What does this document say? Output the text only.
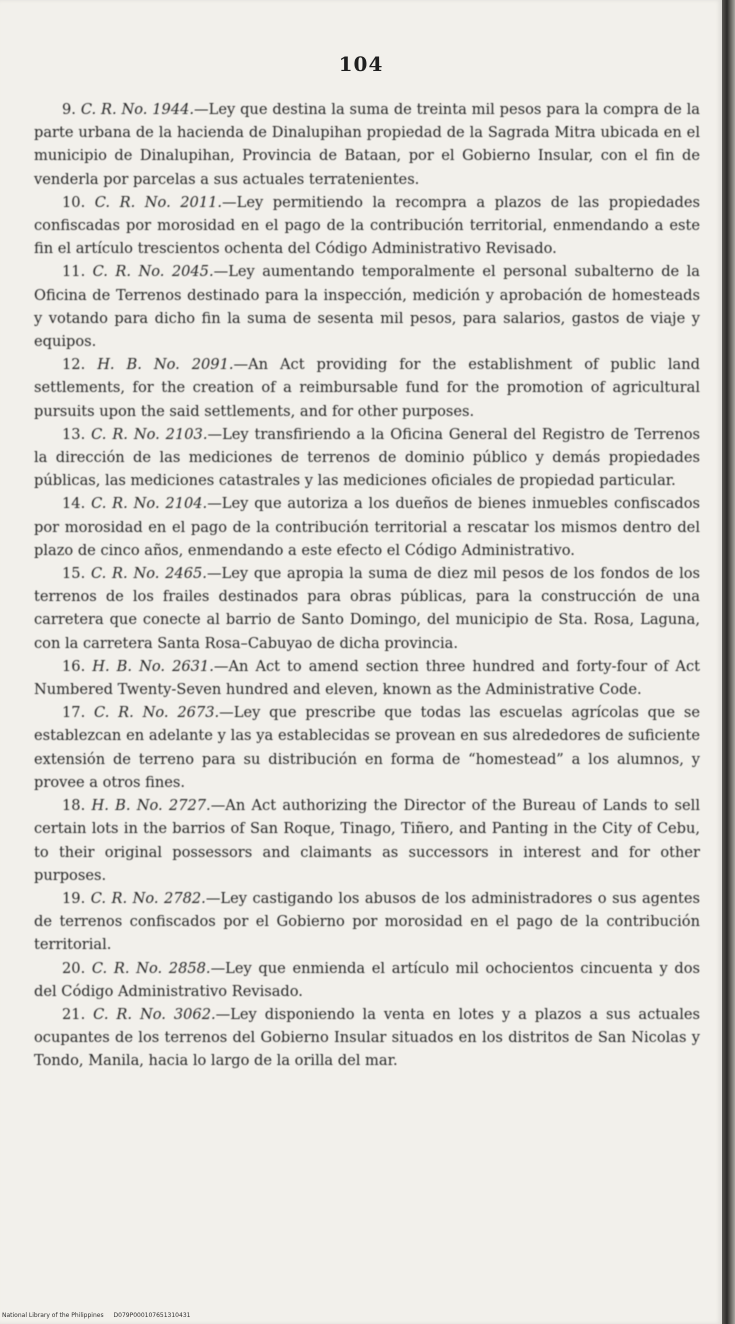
104

9. C. R. No. 1944.—Ley que destina la suma de treinta mil pesos para la compra de la parte urbana de la hacienda de Dinalupihan propiedad de la Sagrada Mitra ubicada en el municipio de Dinalupihan, Provincia de Bataan, por el Gobierno Insular, con el fin de venderla por parcelas a sus actuales terratenientes.

10. C. R. No. 2011.—Ley permitiendo la recompra a plazos de las propiedades confiscadas por morosidad en el pago de la contribución territorial, enmendando a este fin el artículo trescientos ochenta del Código Administrativo Revisado.

11. C. R. No. 2045.—Ley aumentando temporalmente el personal subalterno de la Oficina de Terrenos destinado para la inspección, medición y aprobación de homesteads y votando para dicho fin la suma de sesenta mil pesos, para salarios, gastos de viaje y equipos.

12. H. B. No. 2091.—An Act providing for the establishment of public land settlements, for the creation of a reimbursable fund for the promotion of agricultural pursuits upon the said settlements, and for other purposes.

13. C. R. No. 2103.—Ley transfiriendo a la Oficina General del Registro de Terrenos la dirección de las mediciones de terrenos de dominio público y demás propiedades públicas, las mediciones catastrales y las mediciones oficiales de propiedad particular.

14. C. R. No. 2104.—Ley que autoriza a los dueños de bienes inmuebles confiscados por morosidad en el pago de la contribución territorial a rescatar los mismos dentro del plazo de cinco años, enmendando a este efecto el Código Administrativo.

15. C. R. No. 2465.—Ley que apropia la suma de diez mil pesos de los fondos de los terrenos de los frailes destinados para obras públicas, para la construcción de una carretera que conecte al barrio de Santo Domingo, del municipio de Sta. Rosa, Laguna, con la carretera Santa Rosa–Cabuyao de dicha provincia.

16. H. B. No. 2631.—An Act to amend section three hundred and forty-four of Act Numbered Twenty-Seven hundred and eleven, known as the Administrative Code.

17. C. R. No. 2673.—Ley que prescribe que todas las escuelas agrícolas que se establezcan en adelante y las ya establecidas se provean en sus alrededores de suficiente extensión de terreno para su distribución en forma de “homestead” a los alumnos, y provee a otros fines.

18. H. B. No. 2727.—An Act authorizing the Director of the Bureau of Lands to sell certain lots in the barrios of San Roque, Tinago, Tiñero, and Panting in the City of Cebu, to their original possessors and claimants as successors in interest and for other purposes.

19. C. R. No. 2782.—Ley castigando los abusos de los administradores o sus agentes de terrenos confiscados por el Gobierno por morosidad en el pago de la contribución territorial.

20. C. R. No. 2858.—Ley que enmienda el artículo mil ochocientos cincuenta y dos del Código Administrativo Revisado.

21. C. R. No. 3062.—Ley disponiendo la venta en lotes y a plazos a sus actuales ocupantes de los terrenos del Gobierno Insular situados en los distritos de San Nicolas y Tondo, Manila, hacia lo largo de la orilla del mar.

National Library of the Philippines D079P000107651310431
